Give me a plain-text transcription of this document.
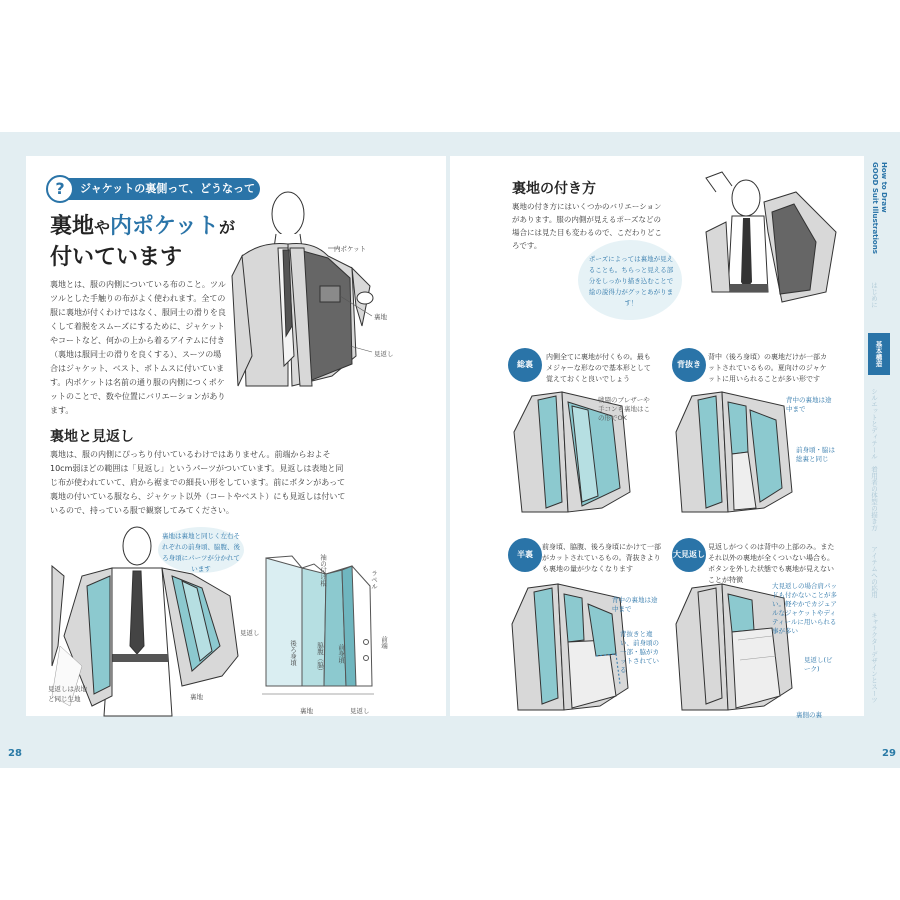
ジャケットの裏側って、どうなってるの？
?
裏地や内ポケットが
付いています
裏地とは、服の内側についている布のこと。ツルツルとした手触りの布がよく使われます。全ての服に裏地が付くわけではなく、服同士の滑りを良くして着脱をスムーズにするために、ジャケットやコートなど、何かの上から着るアイテムに付き（裏地は服同士の滑りを良くする）、スーツの場合はジャケット、ベスト、ボトムスに付いています。内ポケットは名前の通り服の内側につくポケットのことで、数や位置にバリエーションがあります。
内ポケット
裏地
見返し
裏地と見返し
裏地は、服の内側にぴっちり付いているわけではありません。前端からおよそ10cm弱ほどの範囲は「見返し」というパーツがついています。見返しは表地と同じ布が使われていて、肩から裾までの細長い形をしています。前にボタンがあって裏地の付いている服なら、ジャケット以外（コートやベスト）にも見返しは付いているので、持っている服で観察してみてください。
裏地は裏地と同じく左右それぞれの前身頃、脇腹、後ろ身頃にパーツが分かれています
見返し
見返しは表地と同じ生地	裏地
袖の付け根	ラペル
後ろ身頃	脇腹（脇） 前身頃
前端
裏地	見返し
28
裏地の付き方
裏地の付き方にはいくつかのバリエーションがあります。服の内側が見えるポーズなどの場合には見た目も変わるので、こだわりどころです。
ポーズによっては裏地が見えることも。ちらっと見える部分をしっかり描き込むことで絵の説得力がグッとあがります！
総裏
内側全てに裏地が付くもの。最もメジャーな形なので基本形として覚えておくと良いでしょう
戦闘のブレザーや手コンも裏地はこの形でOK
背抜き
背中（後ろ身頃）の裏地だけが一部カットされているもの。夏向けのジャケットに用いられることが多い形です
背中の裏地は途中まで
前身頃・脇は総裏と同じ
半裏
前身頃、脇腹、後ろ身頃にかけて一部がカットされているもの。背抜きよりも裏地の量が少なくなります
背中の裏地は途中まで
背抜きと違い、前身頃の一部・脇がカットされている
大見返し
見返しがつくのは背中の上部のみ。またそれ以外の裏地が全くついない場合も。ボタンを外した状態でも裏地が見えないことが特徴
大見返しの場合肩パッドも付かないことが多い。軽やかでカジュアルなジャケットやディティールに用いられる事が多い
見返し(ピーク)
裏側の裏
29
How to Draw
GOOD Suit Illustrations
はじめに
基本構造
シルエットとディテール
着用者の体型の描き方
アイテムへの応用
キャラクターデザインとスーツ
